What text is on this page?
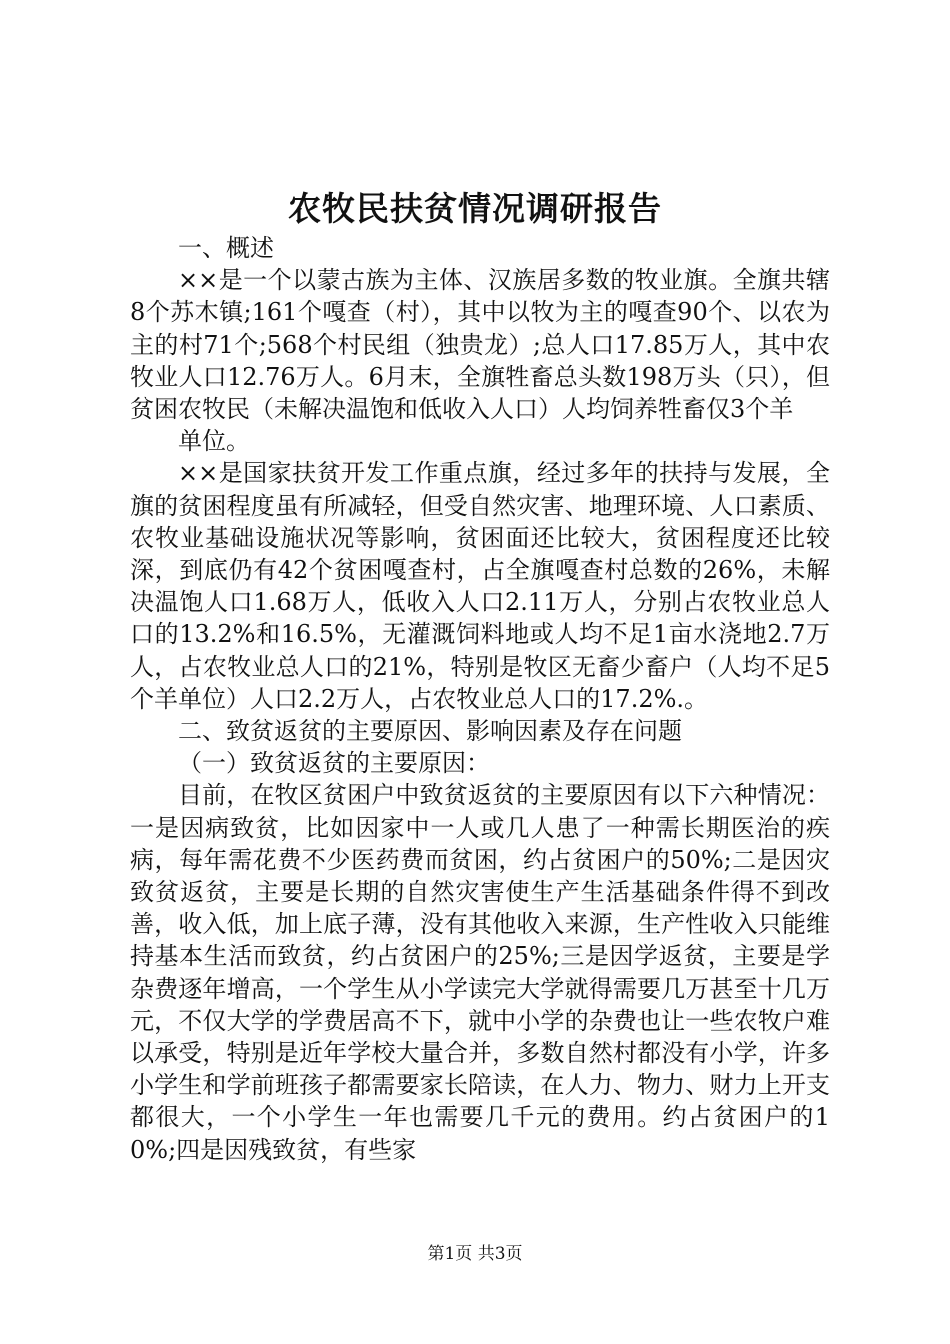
农牧民扶贫情况调研报告

一、概述

××是一个以蒙古族为主体、汉族居多数的牧业旗。全旗共辖8个苏木镇;161个嘎查（村），其中以牧为主的嘎查90个、以农为主的村71个;568个村民组（独贵龙）;总人口17.85万人，其中农牧业人口12.76万人。6月末，全旗牲畜总头数198万头（只），但贫困农牧民（未解决温饱和低收入人口）人均饲养牲畜仅3个羊

单位。

××是国家扶贫开发工作重点旗，经过多年的扶持与发展，全旗的贫困程度虽有所减轻，但受自然灾害、地理环境、人口素质、农牧业基础设施状况等影响，贫困面还比较大，贫困程度还比较深，到底仍有42个贫困嘎查村，占全旗嘎查村总数的26%，未解决温饱人口1.68万人，低收入人口2.11万人，分别占农牧业总人口的13.2%和16.5%，无灌溉饲料地或人均不足1亩水浇地2.7万人，占农牧业总人口的21%，特别是牧区无畜少畜户（人均不足5个羊单位）人口2.2万人，占农牧业总人口的17.2%.。

二、致贫返贫的主要原因、影响因素及存在问题

（一）致贫返贫的主要原因：

目前，在牧区贫困户中致贫返贫的主要原因有以下六种情况：一是因病致贫，比如因家中一人或几人患了一种需长期医治的疾病，每年需花费不少医药费而贫困，约占贫困户的50%;二是因灾致贫返贫，主要是长期的自然灾害使生产生活基础条件得不到改善，收入低，加上底子薄，没有其他收入来源，生产性收入只能维持基本生活而致贫，约占贫困户的25%;三是因学返贫，主要是学杂费逐年增高，一个学生从小学读完大学就得需要几万甚至十几万元，不仅大学的学费居高不下，就中小学的杂费也让一些农牧户难以承受，特别是近年学校大量合并，多数自然村都没有小学，许多小学生和学前班孩子都需要家长陪读，在人力、物力、财力上开支都很大，一个小学生一年也需要几千元的费用。约占贫困户的10%;四是因残致贫，有些家

第1页 共3页
